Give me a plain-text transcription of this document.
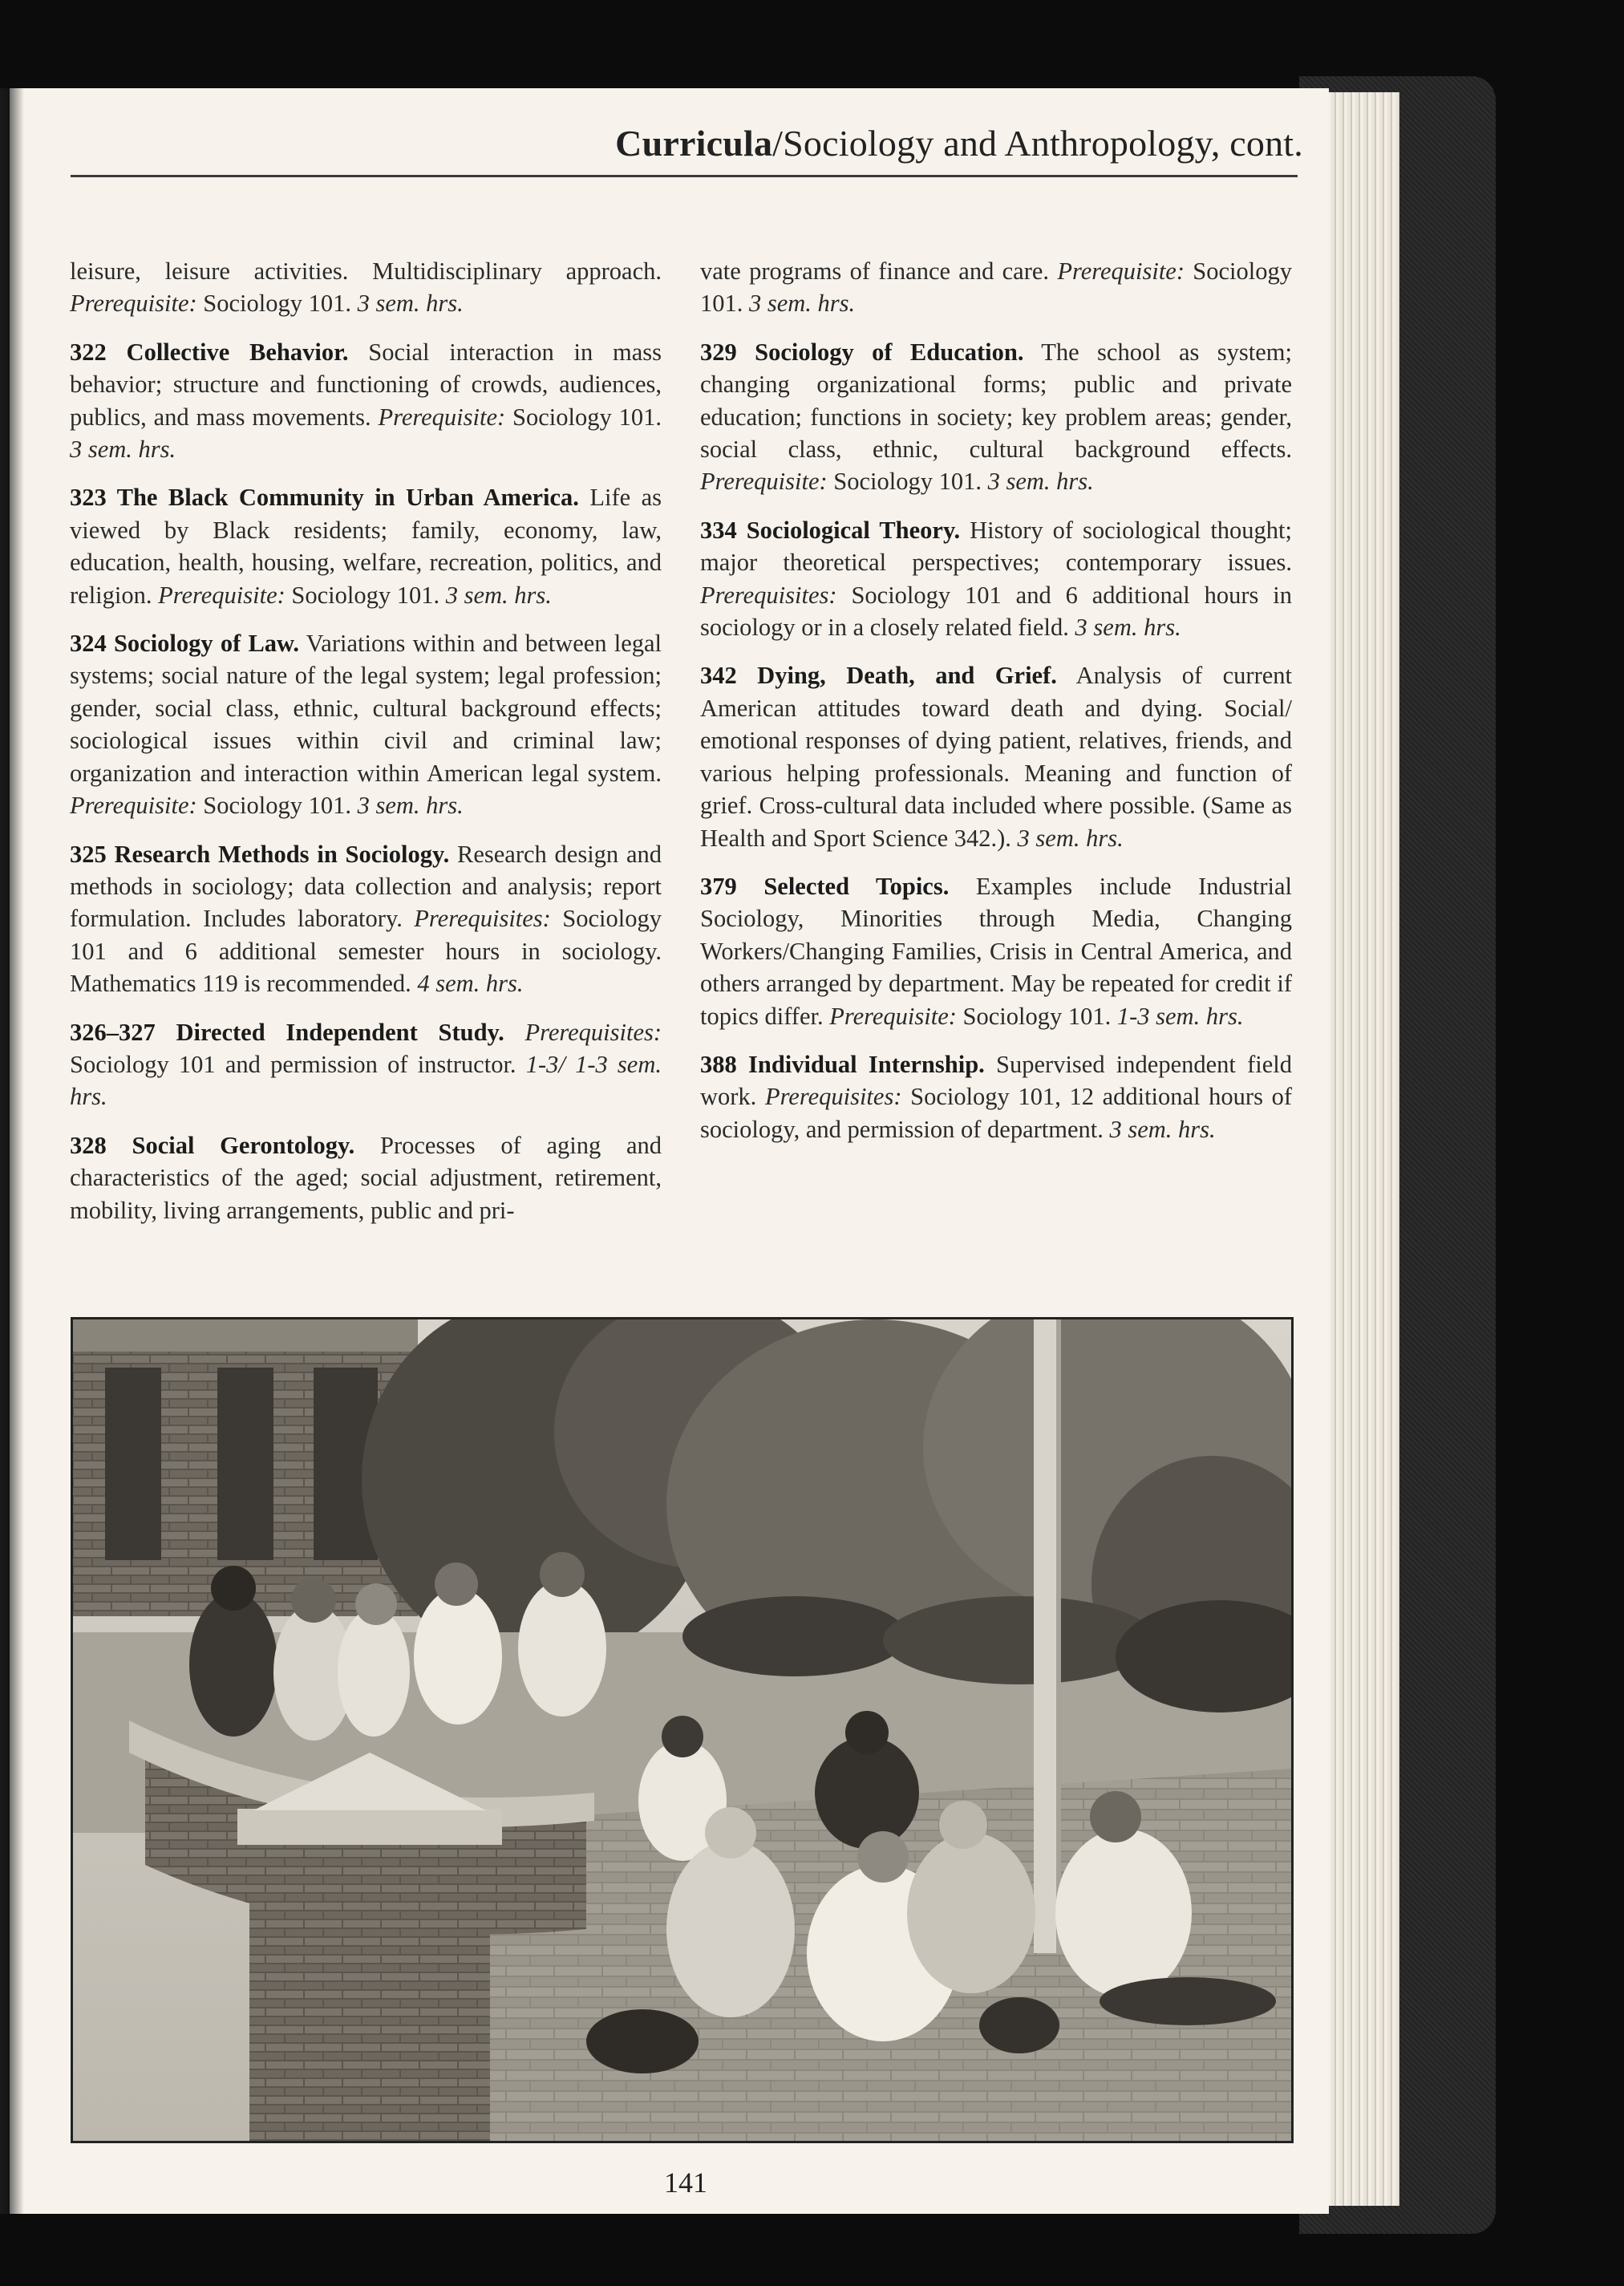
Curricula/Sociology and Anthropology, cont.

leisure, leisure activities. Multidisciplinary approach. Prerequisite: Sociology 101. 3 sem. hrs.

322 Collective Behavior. Social interaction in mass behavior; structure and functioning of crowds, audiences, publics, and mass movements. Prerequisite: Sociology 101. 3 sem. hrs.

323 The Black Community in Urban America. Life as viewed by Black residents; family, economy, law, education, health, housing, welfare, recreation, politics, and religion. Prerequisite: Sociology 101. 3 sem. hrs.

324 Sociology of Law. Variations within and between legal systems; social nature of the legal system; legal profession; gender, social class, ethnic, cultural background effects; sociological issues within civil and criminal law; organization and interaction within American legal system. Prerequisite: Sociology 101. 3 sem. hrs.

325 Research Methods in Sociology. Research design and methods in sociology; data collection and analysis; report formulation. Includes laboratory. Prerequisites: Sociology 101 and 6 additional semester hours in sociology. Mathematics 119 is recommended. 4 sem. hrs.

326–327 Directed Independent Study. Prerequisites: Sociology 101 and permission of instructor. 1-3/ 1-3 sem. hrs.

328 Social Gerontology. Processes of aging and characteristics of the aged; social adjustment, retirement, mobility, living arrangements, public and pri-

vate programs of finance and care. Prerequisite: Sociology 101. 3 sem. hrs.

329 Sociology of Education. The school as system; changing organizational forms; public and private education; functions in society; key problem areas; gender, social class, ethnic, cultural background effects. Prerequisite: Sociology 101. 3 sem. hrs.

334 Sociological Theory. History of sociological thought; major theoretical perspectives; contemporary issues. Prerequisites: Sociology 101 and 6 additional hours in sociology or in a closely related field. 3 sem. hrs.

342 Dying, Death, and Grief. Analysis of current American attitudes toward death and dying. Social/ emotional responses of dying patient, relatives, friends, and various helping professionals. Meaning and function of grief. Cross-cultural data included where possible. (Same as Health and Sport Science 342.). 3 sem. hrs.

379 Selected Topics. Examples include Industrial Sociology, Minorities through Media, Changing Workers/Changing Families, Crisis in Central America, and others arranged by department. May be repeated for credit if topics differ. Prerequisite: Sociology 101. 1-3 sem. hrs.

388 Individual Internship. Supervised independent field work. Prerequisites: Sociology 101, 12 additional hours of sociology, and permission of department. 3 sem. hrs.

141
